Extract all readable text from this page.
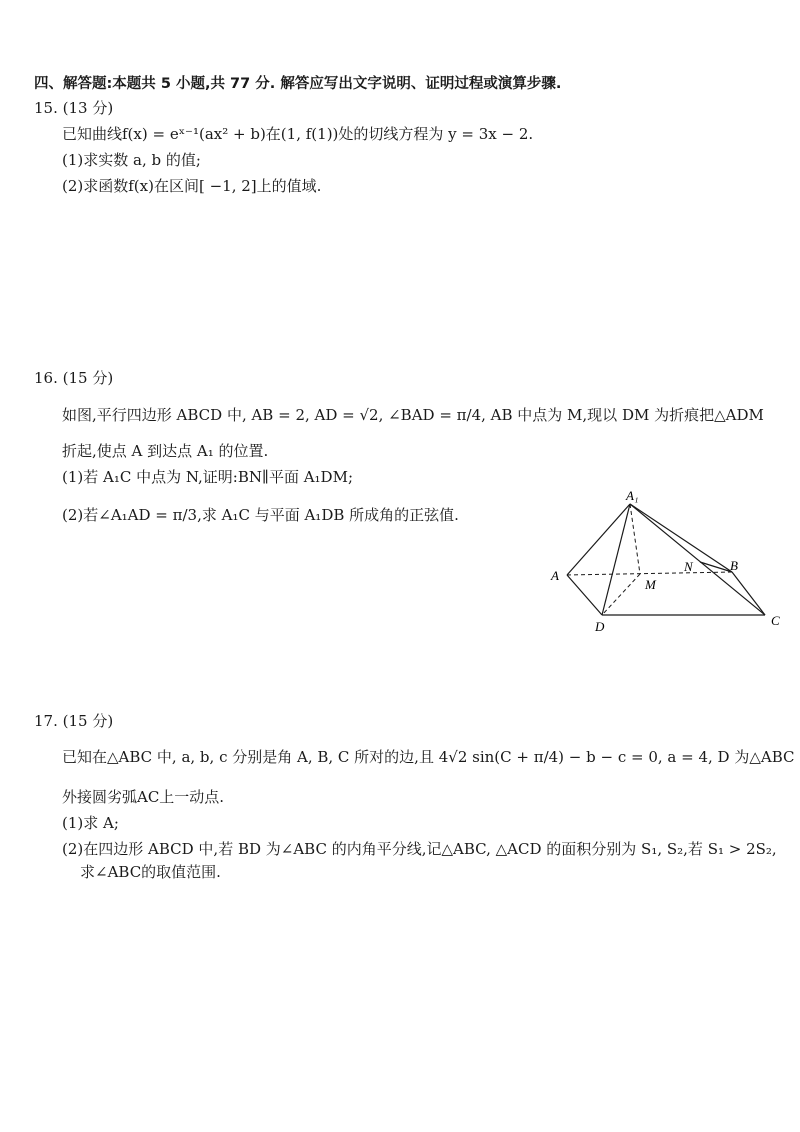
四、解答题:本题共 5 小题,共 77 分. 解答应写出文字说明、证明过程或演算步骤.
15. (13 分)
已知曲线f(x) = eˣ⁻¹(ax² + b)在(1, f(1))处的切线方程为 y = 3x − 2.
(1)求实数 a, b 的值;
(2)求函数f(x)在区间[ −1, 2]上的值域.
16. (15 分)
如图,平行四边形 ABCD 中, AB = 2, AD = √2, ∠BAD = π/4, AB 中点为 M,现以 DM 为折痕把△ADM
折起,使点 A 到达点 A₁ 的位置.
(1)若 A₁C 中点为 N,证明:BN∥平面 A₁DM;
(2)若∠A₁AD = π/3,求 A₁C 与平面 A₁DB 所成角的正弦值.
A₁
A
M
N	B
D	C
17. (15 分)
已知在△ABC 中, a, b, c 分别是角 A, B, C 所对的边,且 4√2 sin(C + π/4) − b − c = 0, a = 4, D 为△ABC
外接圆劣弧AC上一动点.
(1)求 A;
(2)在四边形 ABCD 中,若 BD 为∠ABC 的内角平分线,记△ABC, △ACD 的面积分别为 S₁, S₂,若 S₁ > 2S₂,
求∠ABC的取值范围.
